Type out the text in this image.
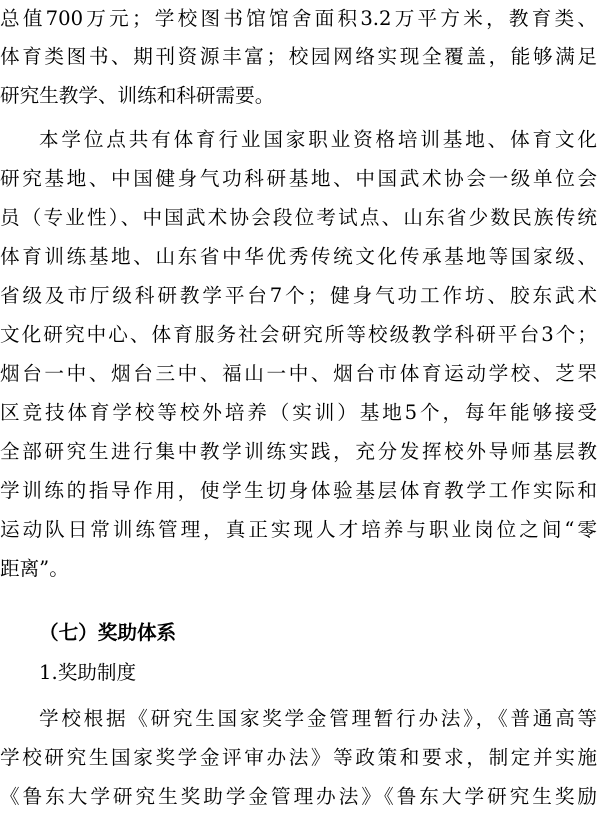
总值700万元；学校图书馆馆舍面积3.2万平方米，教育类、
体育类图书、期刊资源丰富；校园网络实现全覆盖，能够满足
研究生教学、训练和科研需要。
本学位点共有体育行业国家职业资格培训基地、体育文化
研究基地、中国健身气功科研基地、中国武术协会一级单位会
员（专业性）、中国武术协会段位考试点、山东省少数民族传统
体育训练基地、山东省中华优秀传统文化传承基地等国家级、
省级及市厅级科研教学平台7个；健身气功工作坊、胶东武术
文化研究中心、体育服务社会研究所等校级教学科研平台3个；
烟台一中、烟台三中、福山一中、烟台市体育运动学校、芝罘
区竞技体育学校等校外培养（实训）基地5个，每年能够接受
全部研究生进行集中教学训练实践，充分发挥校外导师基层教
学训练的指导作用，使学生切身体验基层体育教学工作实际和
运动队日常训练管理，真正实现人才培养与职业岗位之间“零
距离”。
（七）奖助体系
1.奖助制度
学校根据《研究生国家奖学金管理暂行办法》，《普通高等
学校研究生国家奖学金评审办法》等政策和要求，制定并实施
《鲁东大学研究生奖助学金管理办法》《鲁东大学研究生奖励
